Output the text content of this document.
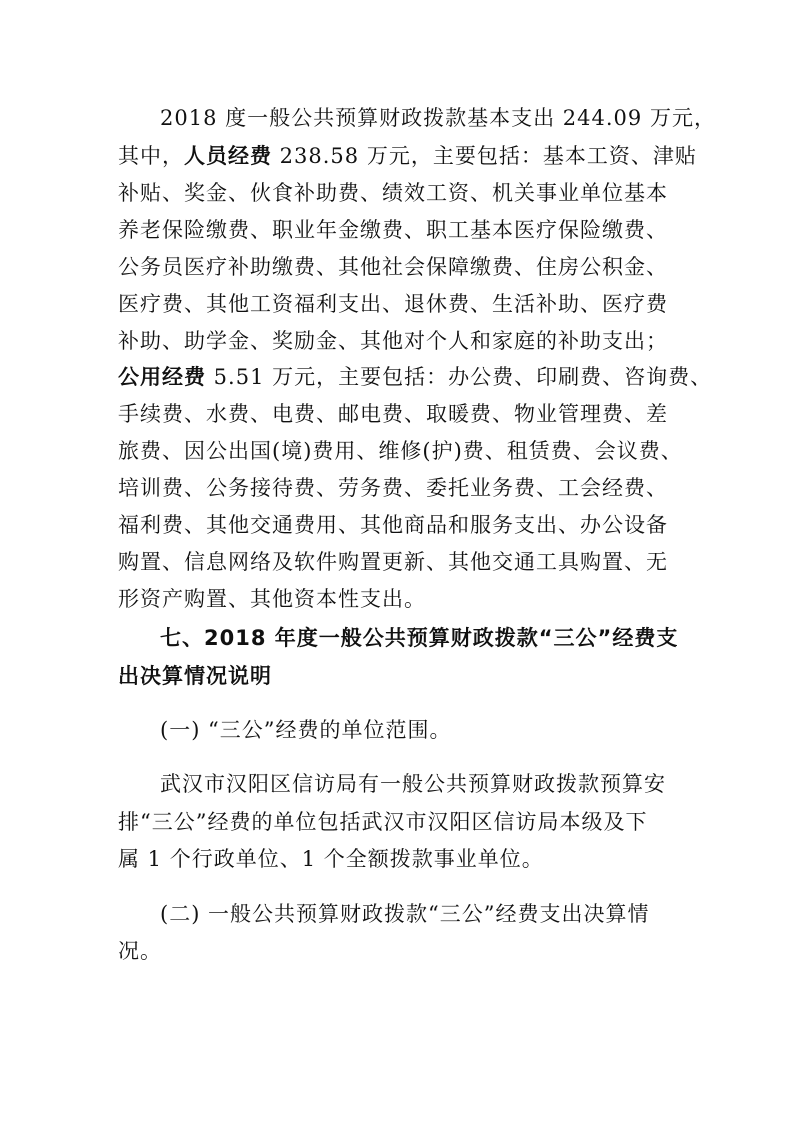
2018 度一般公共预算财政拨款基本支出 244.09 万元，
其中，人员经费 238.58 万元，主要包括：基本工资、津贴
补贴、奖金、伙食补助费、绩效工资、机关事业单位基本
养老保险缴费、职业年金缴费、职工基本医疗保险缴费、
公务员医疗补助缴费、其他社会保障缴费、住房公积金、
医疗费、其他工资福利支出、退休费、生活补助、医疗费
补助、助学金、奖励金、其他对个人和家庭的补助支出；
公用经费 5.51 万元，主要包括：办公费、印刷费、咨询费、
手续费、水费、电费、邮电费、取暖费、物业管理费、差
旅费、因公出国(境)费用、维修(护)费、租赁费、会议费、
培训费、公务接待费、劳务费、委托业务费、工会经费、
福利费、其他交通费用、其他商品和服务支出、办公设备
购置、信息网络及软件购置更新、其他交通工具购置、无
形资产购置、其他资本性支出。
七、2018 年度一般公共预算财政拨款“三公”经费支
出决算情况说明
(一) “三公”经费的单位范围。
武汉市汉阳区信访局有一般公共预算财政拨款预算安
排“三公”经费的单位包括武汉市汉阳区信访局本级及下
属 1 个行政单位、1 个全额拨款事业单位。
(二) 一般公共预算财政拨款“三公”经费支出决算情
况。
